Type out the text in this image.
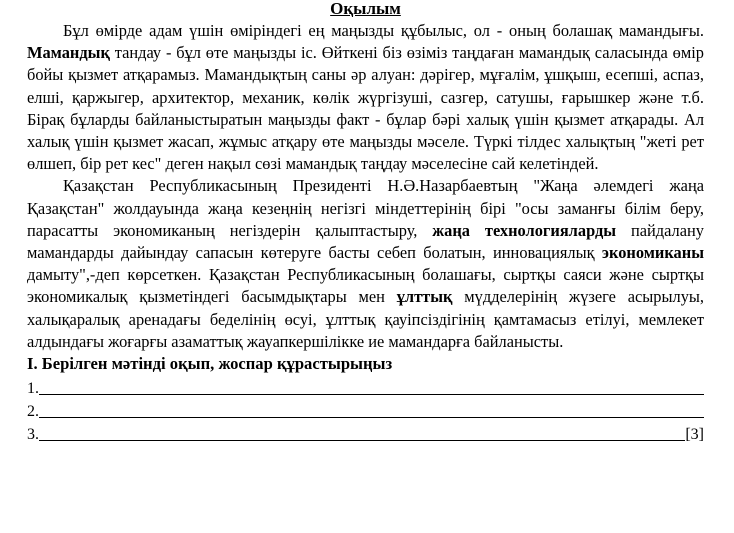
Оқылым

Бұл өмірде адам үшін өміріндегі ең маңызды құбылыс, ол - оның болашақ мамандығы. Мамандық тандау - бұл өте маңызды іс. Өйткені біз өзіміз таңдаған мамандық саласында өмір бойы қызмет атқарамыз. Мамандықтың саны әр алуан: дәрігер, мұғалім, ұшқыш, есепші, аспаз, елші, қаржыгер, архитектор, механик, көлік жүргізуші, сазгер, сатушы, ғарышкер және т.б. Бірақ бұларды байланыстыратын маңызды факт - бұлар бәрі халық үшін қызмет атқарады. Ал халық үшін қызмет жасап, жұмыс атқару өте маңызды мәселе. Түркі тілдес халықтың "жеті рет өлшеп, бір рет кес" деген нақыл сөзі мамандық таңдау мәселесіне сай келетіндей.

Қазақстан Республикасының Президенті Н.Ә.Назарбаевтың "Жаңа әлемдегі жаңа Қазақстан" жолдауында жаңа кезеңнің негізгі міндеттерінің бірі "осы заманғы білім беру, парасатты экономиканың негіздерін қалыптастыру, жаңа технологияларды пайдалану мамандарды дайындау сапасын көтеруге басты себеп болатын, инновациялық экономиканы дамыту",-деп көрсеткен. Қазақстан Республикасының болашағы, сыртқы саяси және сыртқы экономикалық қызметіндегі басымдықтары мен ұлттық мүдделерінің жүзеге асырылуы, халықаралық аренадағы беделінің өсуі, ұлттық қауіпсіздігінің қамтамасыз етілуі, мемлекет алдындағы жоғарғы азаматтық жауапкершілікке ие мамандарға байланысты.

I. Берілген мәтінді оқып, жоспар құрастырыңыз

1.
2.
3.	[3]
